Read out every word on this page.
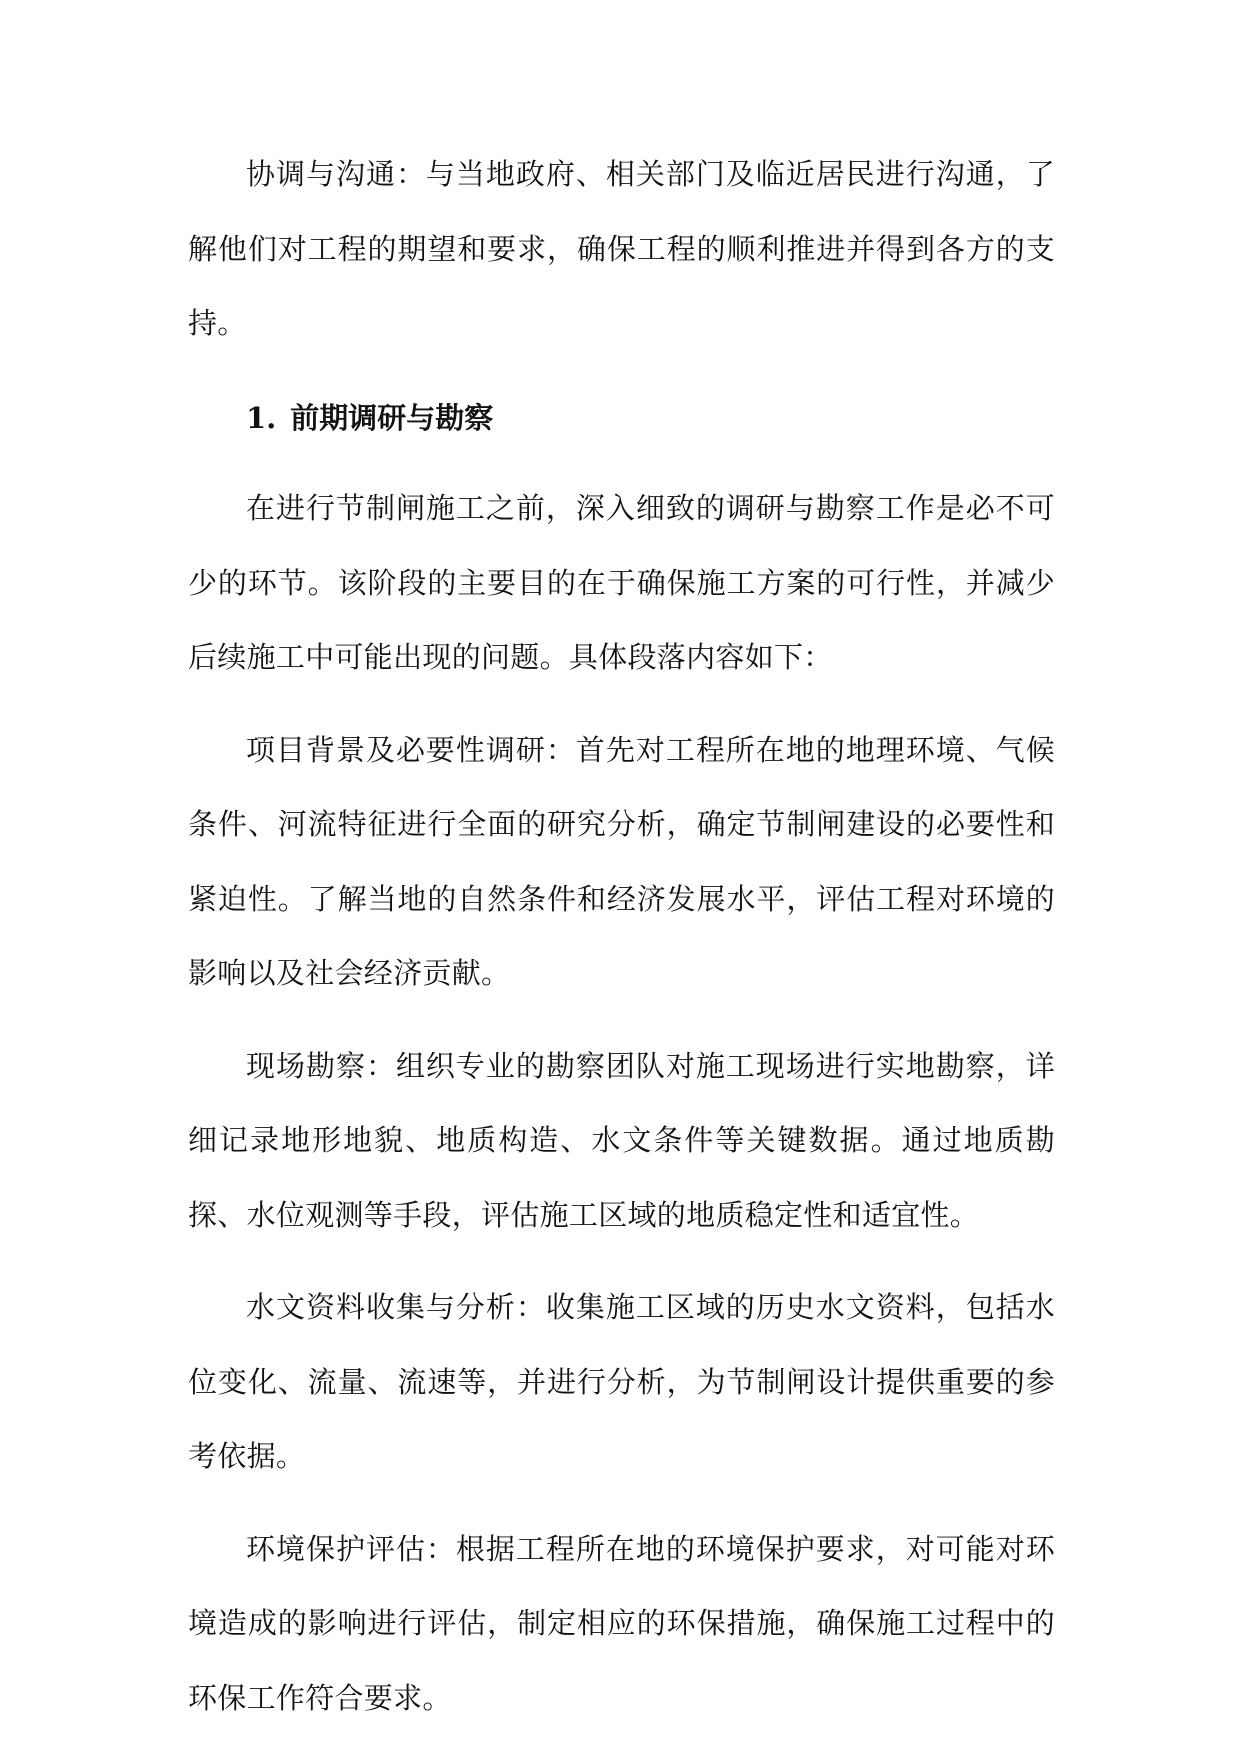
协调与沟通：与当地政府、相关部门及临近居民进行沟通，了解他们对工程的期望和要求，确保工程的顺利推进并得到各方的支持。

1. 前期调研与勘察

在进行节制闸施工之前，深入细致的调研与勘察工作是必不可少的环节。该阶段的主要目的在于确保施工方案的可行性，并减少后续施工中可能出现的问题。具体段落内容如下：

项目背景及必要性调研：首先对工程所在地的地理环境、气候条件、河流特征进行全面的研究分析，确定节制闸建设的必要性和紧迫性。了解当地的自然条件和经济发展水平，评估工程对环境的影响以及社会经济贡献。

现场勘察：组织专业的勘察团队对施工现场进行实地勘察，详细记录地形地貌、地质构造、水文条件等关键数据。通过地质勘探、水位观测等手段，评估施工区域的地质稳定性和适宜性。

水文资料收集与分析：收集施工区域的历史水文资料，包括水位变化、流量、流速等，并进行分析，为节制闸设计提供重要的参考依据。

环境保护评估：根据工程所在地的环境保护要求，对可能对环境造成的影响进行评估，制定相应的环保措施，确保施工过程中的环保工作符合要求。
